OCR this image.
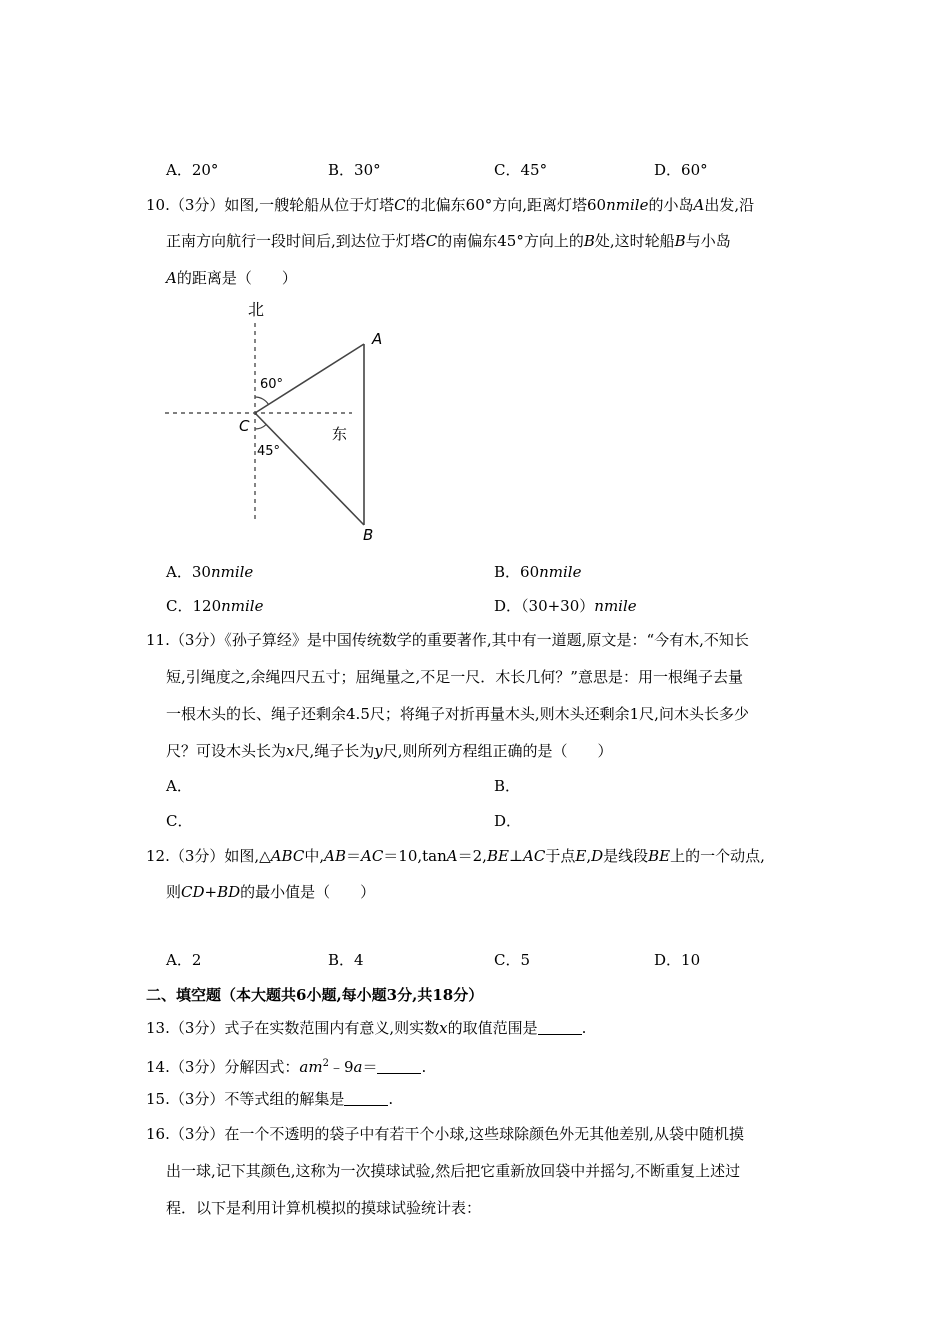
A．20°	B．30°	C．45°	D．60°
10.（3分）如图,一艘轮船从位于灯塔C的北偏东60°方向,距离灯塔60nmile的小岛A出发,沿
正南方向航行一段时间后,到达位于灯塔C的南偏东45°方向上的B处,这时轮船B与小岛
A的距离是（　　）
北
东
60°
45°
A
B
C
A．30nmile	B．60nmile
C．120nmile	D．（30+30）nmile
11.（3分）《孙子算经》是中国传统数学的重要著作,其中有一道题,原文是：“今有木,不知长
短,引绳度之,余绳四尺五寸；屈绳量之,不足一尺．木长几何？”意思是：用一根绳子去量
一根木头的长、绳子还剩余4.5尺；将绳子对折再量木头,则木头还剩余1尺,问木头长多少
尺？可设木头长为x尺,绳子长为y尺,则所列方程组正确的是（　　）
A．	B．
C．	D．
12.（3分）如图,△ABC中,AB＝AC＝10,tanA＝2,BE⊥AC于点E,D是线段BE上的一个动点,
则CD+BD的最小值是（　　）
A．2	B．4	C．5	D．10
二、填空题（本大题共6小题,每小题3分,共18分）
13.（3分）式子在实数范围内有意义,则实数x的取值范围是	.
14.（3分）分解因式：$am^2﹣9a=$	.
15.（3分）不等式组的解集是	.
16.（3分）在一个不透明的袋子中有若干个小球,这些球除颜色外无其他差别,从袋中随机摸
出一球,记下其颜色,这称为一次摸球试验,然后把它重新放回袋中并摇匀,不断重复上述过
程．以下是利用计算机模拟的摸球试验统计表：
